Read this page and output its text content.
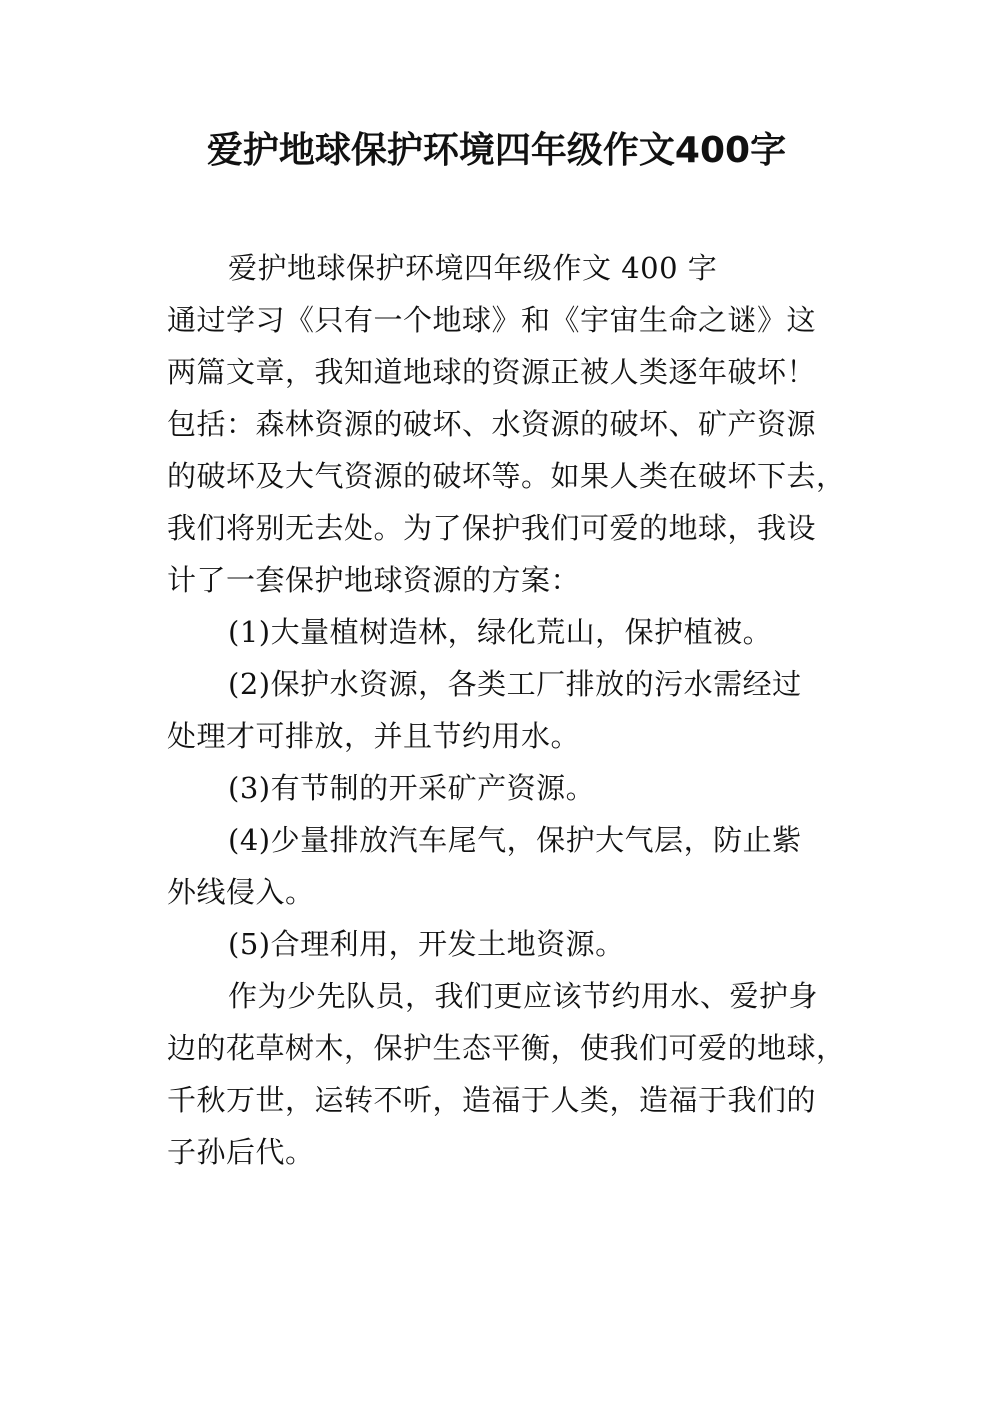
爱护地球保护环境四年级作文400字
爱护地球保护环境四年级作文 400 字
通过学习《只有一个地球》和《宇宙生命之谜》这
两篇文章，我知道地球的资源正被人类逐年破坏！
包括：森林资源的破坏、水资源的破坏、矿产资源
的破坏及大气资源的破坏等。如果人类在破坏下去，
我们将别无去处。为了保护我们可爱的地球，我设
计了一套保护地球资源的方案：
(1)大量植树造林，绿化荒山，保护植被。
(2)保护水资源，各类工厂排放的污水需经过
处理才可排放，并且节约用水。
(3)有节制的开采矿产资源。
(4)少量排放汽车尾气，保护大气层，防止紫
外线侵入。
(5)合理利用，开发土地资源。
作为少先队员，我们更应该节约用水、爱护身
边的花草树木，保护生态平衡，使我们可爱的地球，
千秋万世，运转不听，造福于人类，造福于我们的
子孙后代。
